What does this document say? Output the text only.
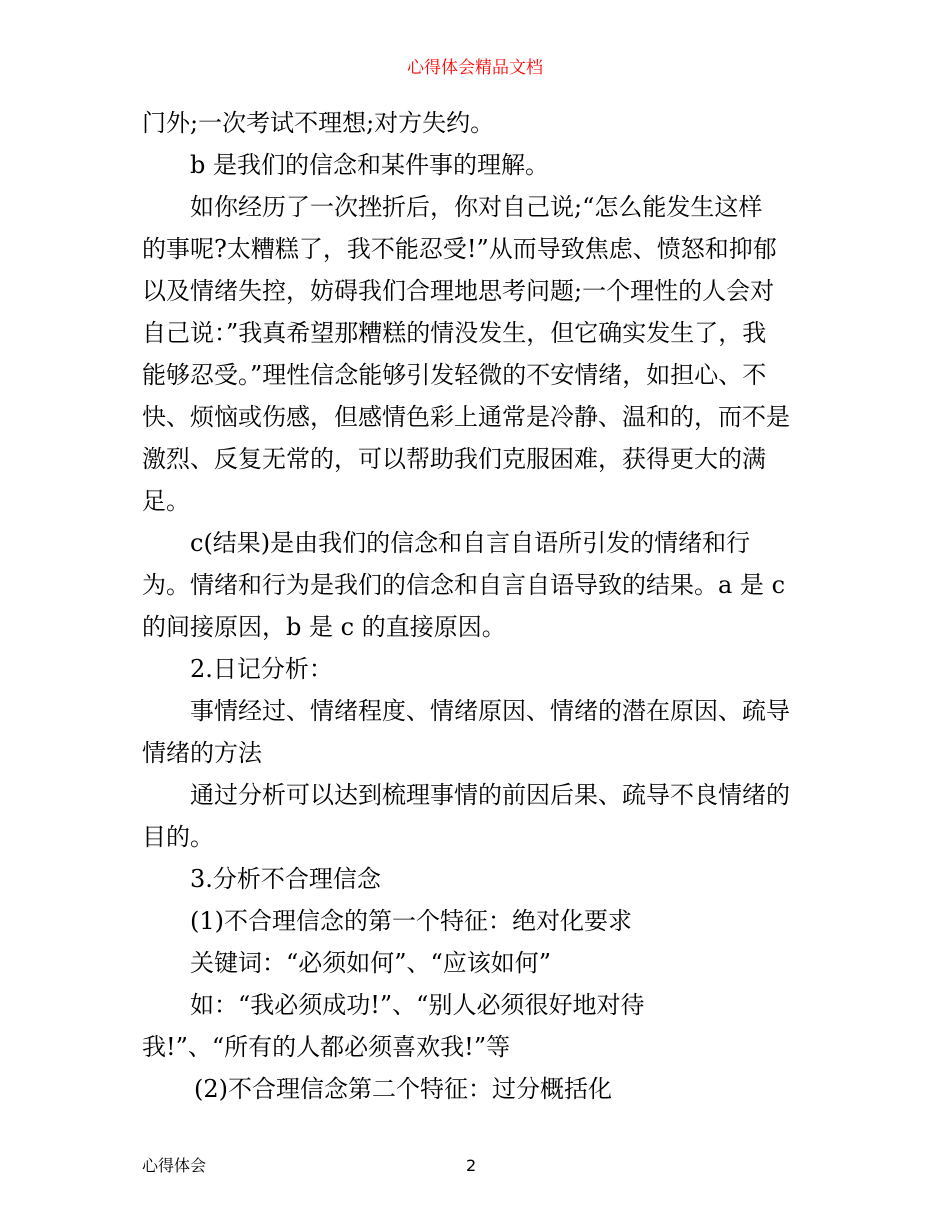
心得体会精品文档
门外;一次考试不理想;对方失约。
b 是我们的信念和某件事的理解。
如你经历了一次挫折后，你对自己说;“怎么能发生这样
的事呢?太糟糕了，我不能忍受!”从而导致焦虑、愤怒和抑郁
以及情绪失控，妨碍我们合理地思考问题;一个理性的人会对
自己说：”我真希望那糟糕的情没发生，但它确实发生了，我
能够忍受。”理性信念能够引发轻微的不安情绪，如担心、不
快、烦恼或伤感，但感情色彩上通常是冷静、温和的，而不是
激烈、反复无常的，可以帮助我们克服困难，获得更大的满
足。
c(结果)是由我们的信念和自言自语所引发的情绪和行
为。情绪和行为是我们的信念和自言自语导致的结果。a 是 c
的间接原因，b 是 c 的直接原因。
2.日记分析：
事情经过、情绪程度、情绪原因、情绪的潜在原因、疏导
情绪的方法
通过分析可以达到梳理事情的前因后果、疏导不良情绪的
目的。
3.分析不合理信念
(1)不合理信念的第一个特征：绝对化要求
关键词：“必须如何”、“应该如何”
如：“我必须成功!”、“别人必须很好地对待
我!”、“所有的人都必须喜欢我!”等
(2)不合理信念第二个特征：过分概括化
心得体会	2
